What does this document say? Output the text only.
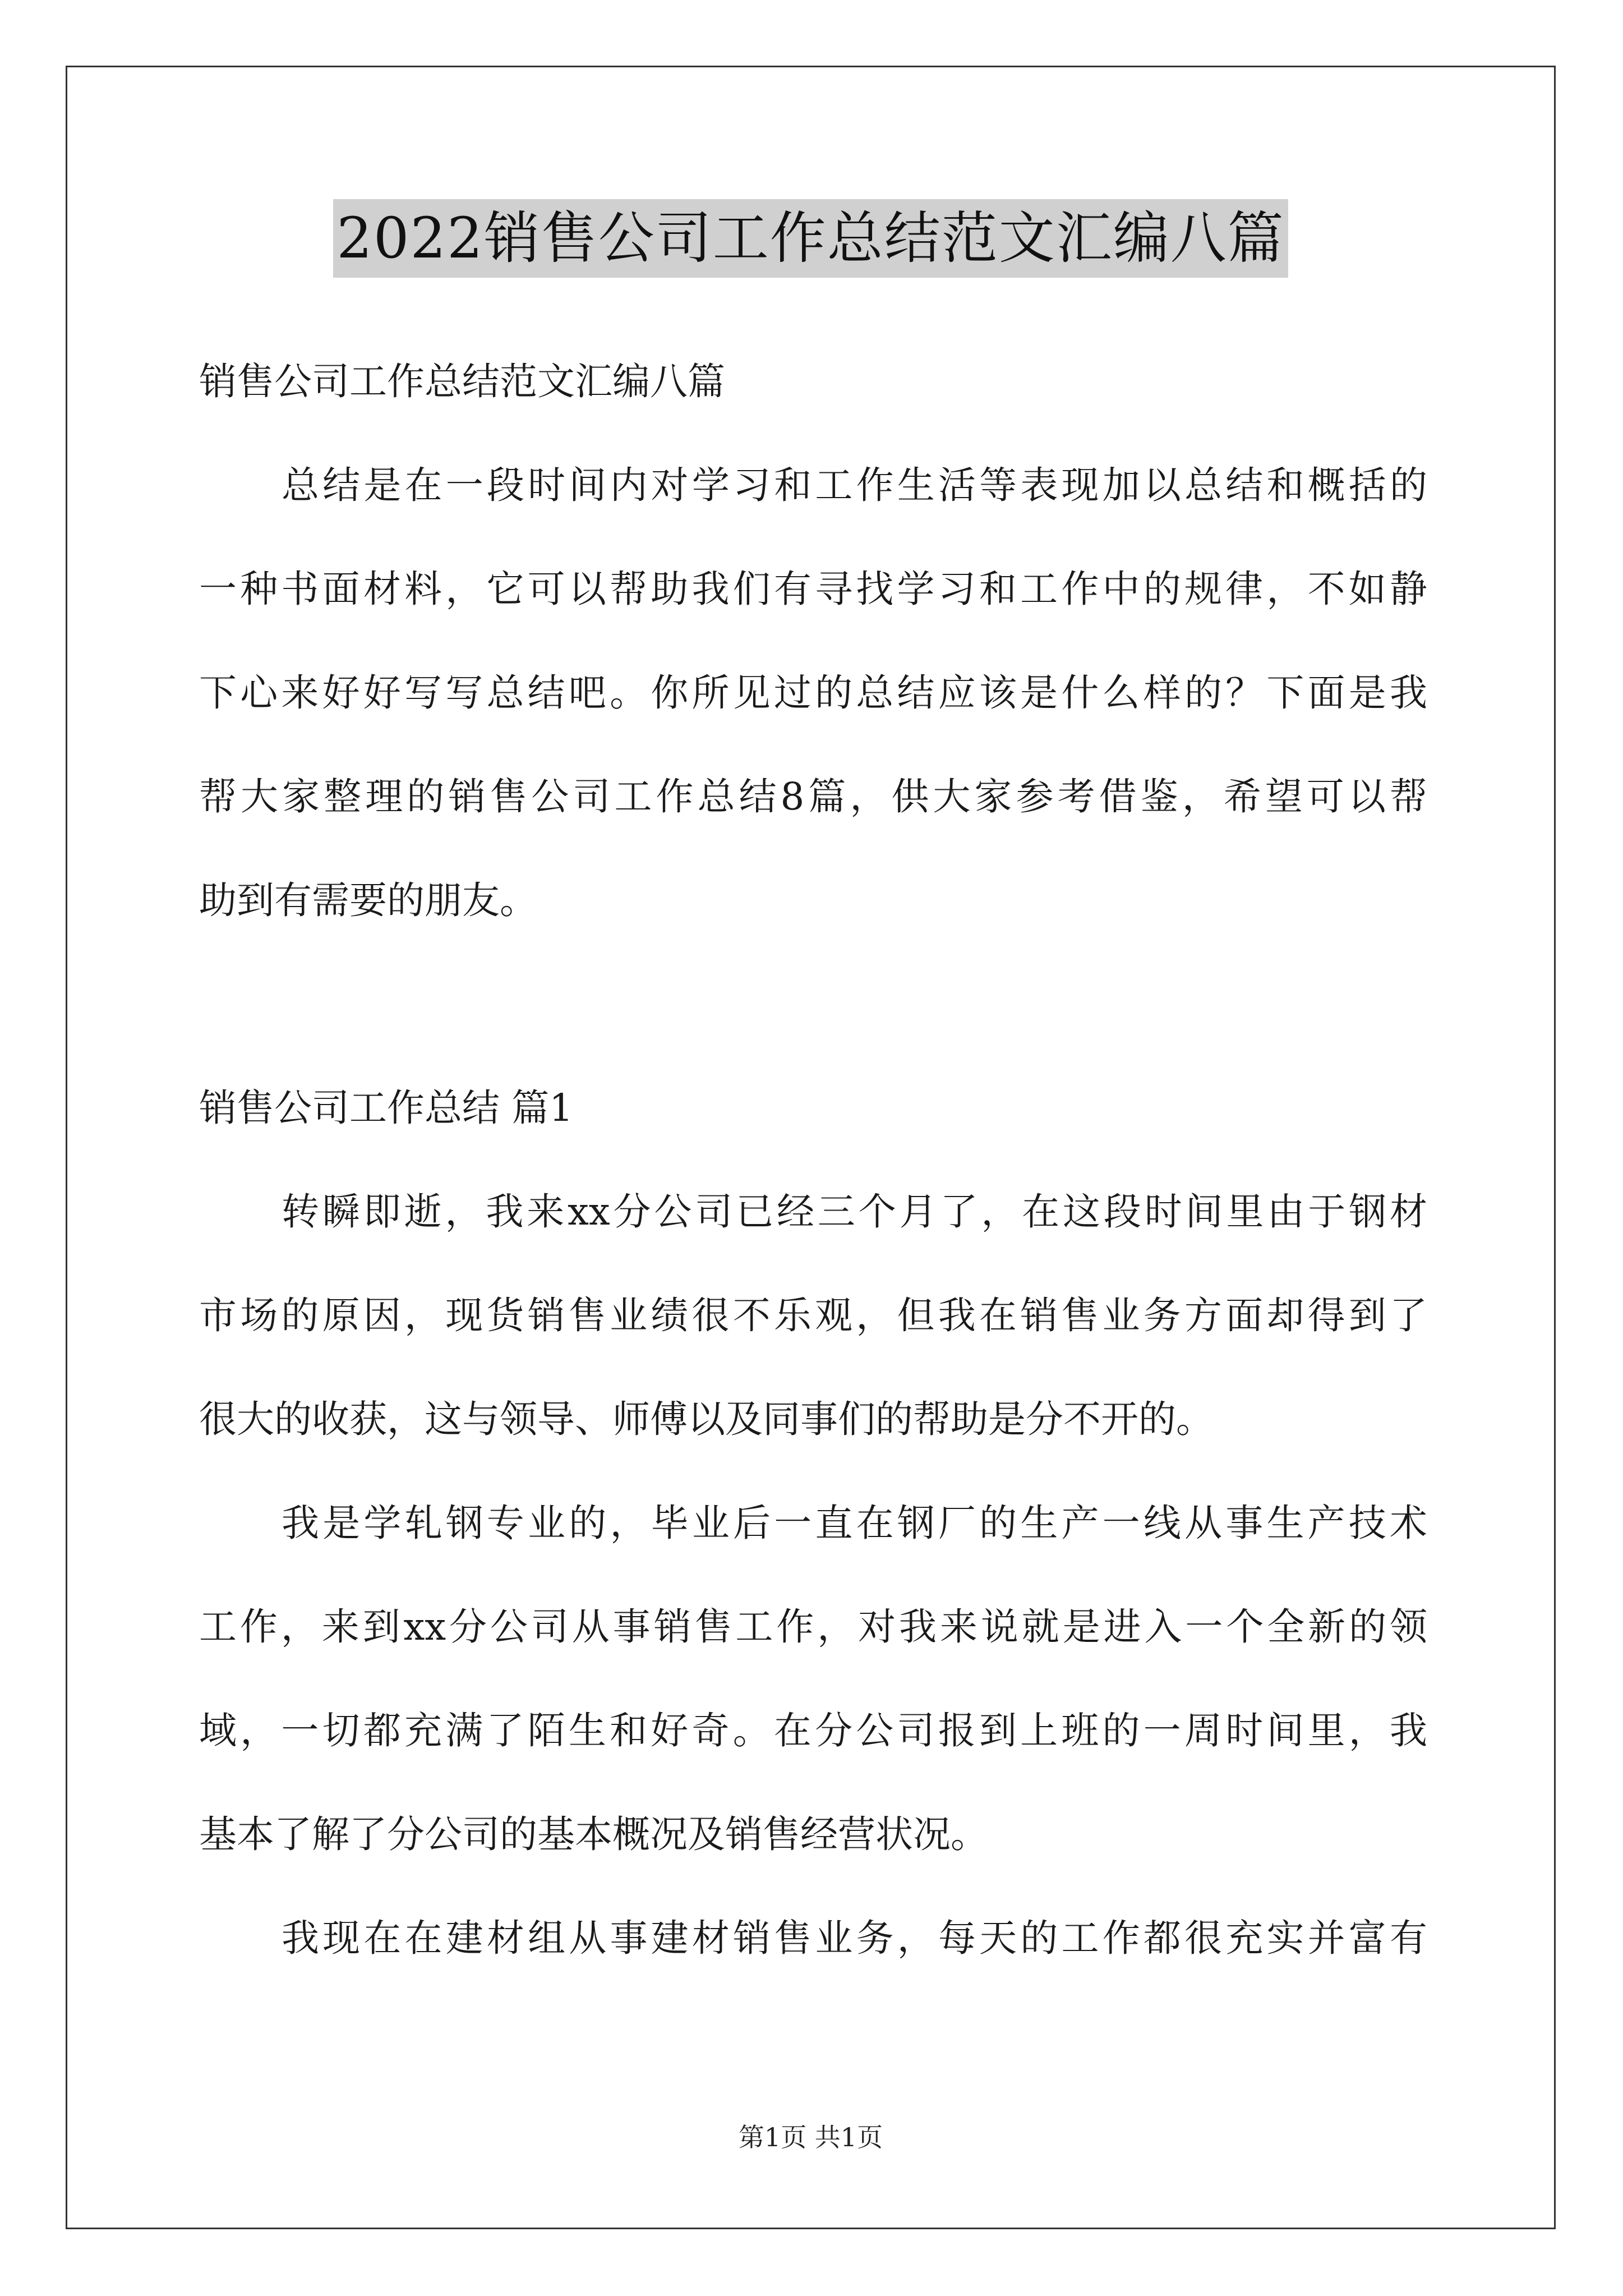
2022销售公司工作总结范文汇编八篇
销售公司工作总结范文汇编八篇
总结是在一段时间内对学习和工作生活等表现加以总结和概括的
一种书面材料，它可以帮助我们有寻找学习和工作中的规律，不如静
下心来好好写写总结吧。你所见过的总结应该是什么样的？下面是我
帮大家整理的销售公司工作总结8篇，供大家参考借鉴，希望可以帮
助到有需要的朋友。
销售公司工作总结 篇1
转瞬即逝，我来xx分公司已经三个月了，在这段时间里由于钢材
市场的原因，现货销售业绩很不乐观，但我在销售业务方面却得到了
很大的收获，这与领导、师傅以及同事们的帮助是分不开的。
我是学轧钢专业的，毕业后一直在钢厂的生产一线从事生产技术
工作，来到xx分公司从事销售工作，对我来说就是进入一个全新的领
域，一切都充满了陌生和好奇。在分公司报到上班的一周时间里，我
基本了解了分公司的基本概况及销售经营状况。
我现在在建材组从事建材销售业务，每天的工作都很充实并富有
第1页 共1页
